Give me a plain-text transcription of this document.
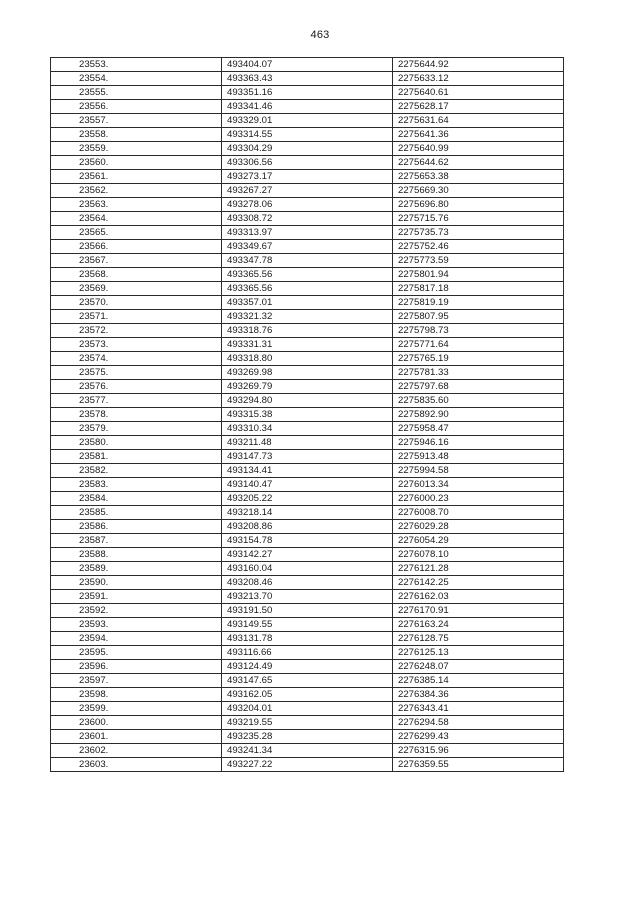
463
23553.	493404.07	2275644.92
23554.	493363.43	2275633.12
23555.	493351.16	2275640.61
23556.	493341.46	2275628.17
23557.	493329.01	2275631.64
23558.	493314.55	2275641.36
23559.	493304.29	2275640.99
23560.	493306.56	2275644.62
23561.	493273.17	2275653.38
23562.	493267.27	2275669.30
23563.	493278.06	2275696.80
23564.	493308.72	2275715.76
23565.	493313.97	2275735.73
23566.	493349.67	2275752.46
23567.	493347.78	2275773.59
23568.	493365.56	2275801.94
23569.	493365.56	2275817.18
23570.	493357.01	2275819.19
23571.	493321.32	2275807.95
23572.	493318.76	2275798.73
23573.	493331.31	2275771.64
23574.	493318.80	2275765.19
23575.	493269.98	2275781.33
23576.	493269.79	2275797.68
23577.	493294.80	2275835.60
23578.	493315.38	2275892.90
23579.	493310.34	2275958.47
23580.	493211.48	2275946.16
23581.	493147.73	2275913.48
23582.	493134.41	2275994.58
23583.	493140.47	2276013.34
23584.	493205.22	2276000.23
23585.	493218.14	2276008.70
23586.	493208.86	2276029.28
23587.	493154.78	2276054.29
23588.	493142.27	2276078.10
23589.	493160.04	2276121.28
23590.	493208.46	2276142.25
23591.	493213.70	2276162.03
23592.	493191.50	2276170.91
23593.	493149.55	2276163.24
23594.	493131.78	2276128.75
23595.	493116.66	2276125.13
23596.	493124.49	2276248.07
23597.	493147.65	2276385.14
23598.	493162.05	2276384.36
23599.	493204.01	2276343.41
23600.	493219.55	2276294.58
23601.	493235.28	2276299.43
23602.	493241.34	2276315.96
23603.	493227.22	2276359.55
